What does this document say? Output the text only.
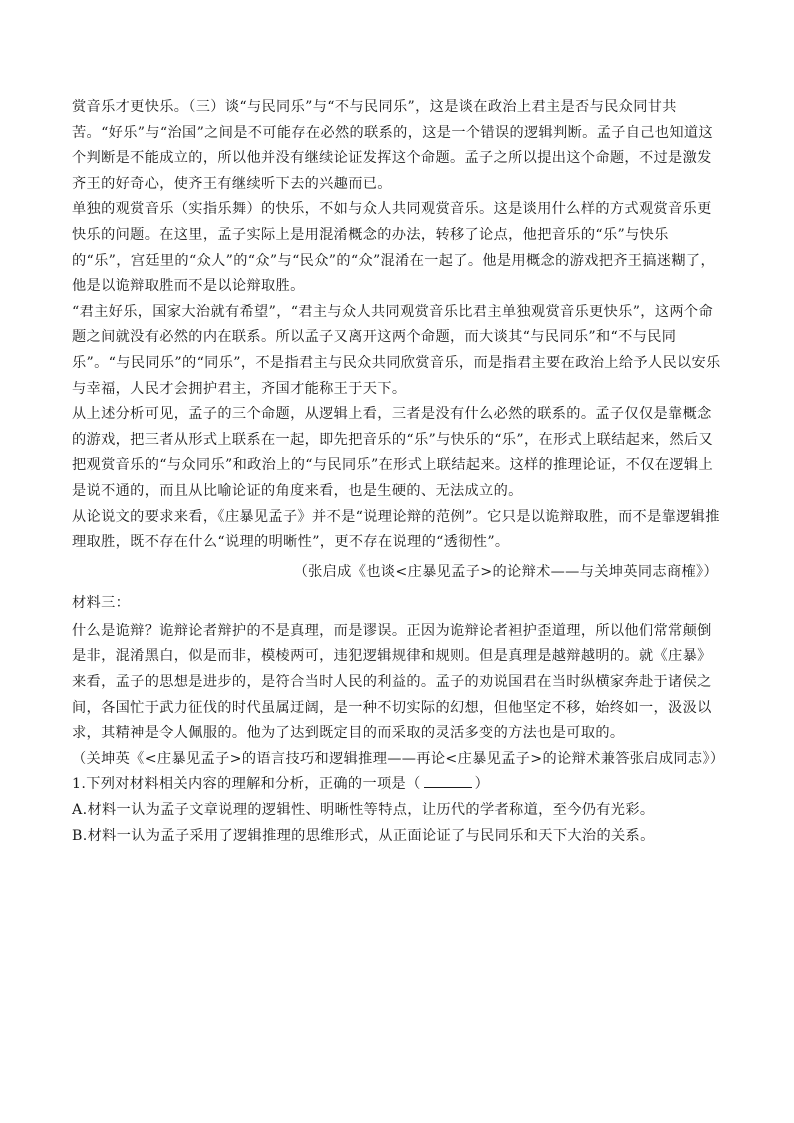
赏音乐才更快乐。（三）谈“与民同乐”与“不与民同乐”，这是谈在政治上君主是否与民众同甘共苦。“好乐”与“治国”之间是不可能存在必然的联系的，这是一个错误的逻辑判断。孟子自己也知道这个判断是不能成立的，所以他并没有继续论证发挥这个命题。孟子之所以提出这个命题，不过是激发齐王的好奇心，使齐王有继续听下去的兴趣而已。

单独的观赏音乐（实指乐舞）的快乐，不如与众人共同观赏音乐。这是谈用什么样的方式观赏音乐更快乐的问题。在这里，孟子实际上是用混淆概念的办法，转移了论点，他把音乐的“乐”与快乐的“乐”，宫廷里的“众人”的“众”与“民众”的“众”混淆在一起了。他是用概念的游戏把齐王搞迷糊了，他是以诡辩取胜而不是以论辩取胜。

“君主好乐，国家大治就有希望”，“君主与众人共同观赏音乐比君主单独观赏音乐更快乐”，这两个命题之间就没有必然的内在联系。所以孟子又离开这两个命题，而大谈其“与民同乐”和“不与民同乐”。“与民同乐”的“同乐”，不是指君主与民众共同欣赏音乐，而是指君主要在政治上给予人民以安乐与幸福，人民才会拥护君主，齐国才能称王于天下。

从上述分析可见，孟子的三个命题，从逻辑上看，三者是没有什么必然的联系的。孟子仅仅是靠概念的游戏，把三者从形式上联系在一起，即先把音乐的“乐”与快乐的“乐”，在形式上联结起来，然后又把观赏音乐的“与众同乐”和政治上的“与民同乐”在形式上联结起来。这样的推理论证，不仅在逻辑上是说不通的，而且从比喻论证的角度来看，也是生硬的、无法成立的。

从论说文的要求来看，《庄暴见孟子》并不是“说理论辩的范例”。它只是以诡辩取胜，而不是靠逻辑推理取胜，既不存在什么“说理的明晰性”，更不存在说理的“透彻性”。

（张启成《也谈<庄暴见孟子>的论辩术——与关坤英同志商榷》）

材料三：

什么是诡辩？诡辩论者辩护的不是真理，而是谬误。正因为诡辩论者袒护歪道理，所以他们常常颠倒是非，混淆黑白，似是而非，模棱两可，违犯逻辑规律和规则。但是真理是越辩越明的。就《庄暴》来看，孟子的思想是进步的，是符合当时人民的利益的。孟子的劝说国君在当时纵横家奔赴于诸侯之间，各国忙于武力征伐的时代虽属迂阔，是一种不切实际的幻想，但他坚定不移，始终如一，汲汲以求，其精神是令人佩服的。他为了达到既定目的而采取的灵活多变的方法也是可取的。

（关坤英《<庄暴见孟子>的语言技巧和逻辑推理——再论<庄暴见孟子>的论辩术兼答张启成同志》）

1.下列对材料相关内容的理解和分析，正确的一项是（	）

A.材料一认为孟子文章说理的逻辑性、明晰性等特点，让历代的学者称道，至今仍有光彩。

B.材料一认为孟子采用了逻辑推理的思维形式，从正面论证了与民同乐和天下大治的关系。
